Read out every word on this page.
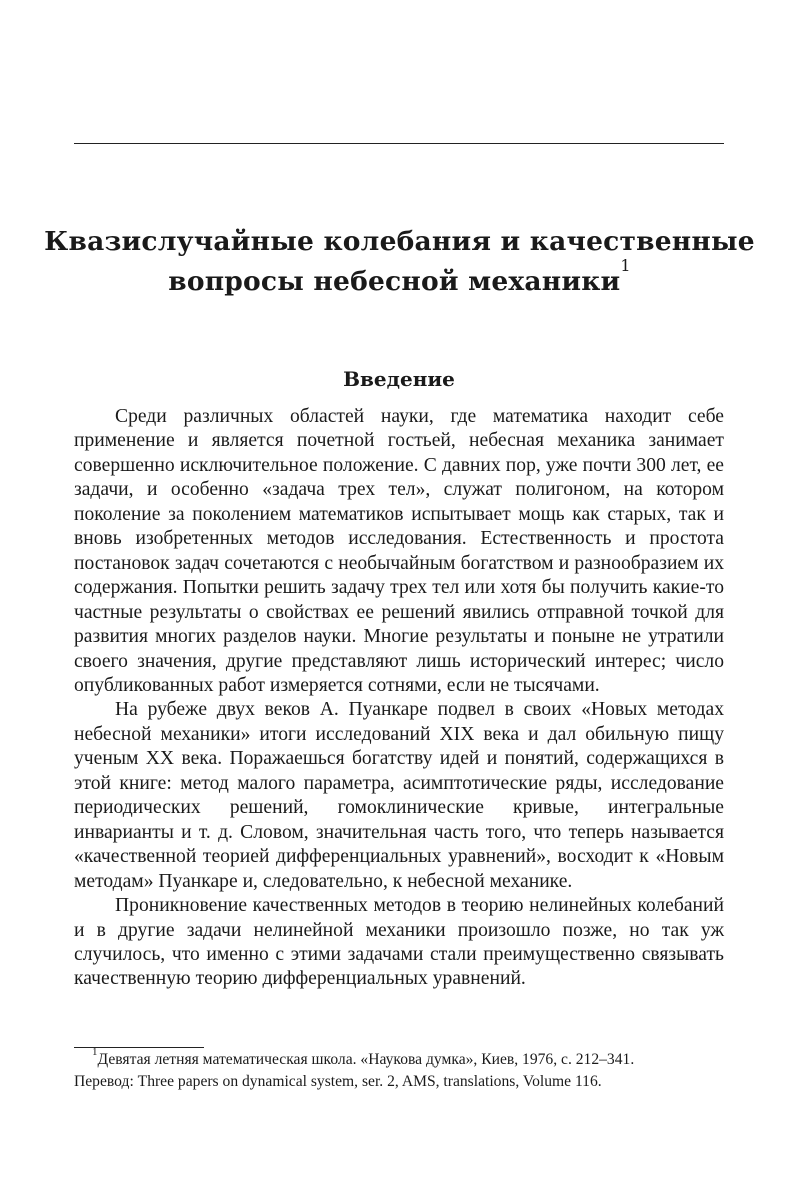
Квазислучайные колебания и качественные
вопросы небесной механики$^1$
Введение

Среди различных областей науки, где математика находит себе применение и является почетной гостьей, небесная механика занимает совершенно исключительное положение. С давних пор, уже почти 300 лет, ее задачи, и особенно «задача трех тел», служат полигоном, на котором поколение за поколением математиков испытывает мощь как старых, так и вновь изобретенных методов исследования. Естественность и простота постановок задач сочетаются с необычайным богатством и разнообразием их содержания. Попытки решить задачу трех тел или хотя бы получить какие-то частные результаты о свойствах ее решений явились отправной точкой для развития многих разделов науки. Многие результаты и поныне не утратили своего значения, другие представляют лишь исторический интерес; число опубликованных работ измеряется сотнями, если не тысячами.

На рубеже двух веков А. Пуанкаре подвел в своих «Новых методах небесной механики» итоги исследований XIX века и дал обильную пищу ученым XX века. Поражаешься богатству идей и понятий, содержащихся в этой книге: метод малого параметра, асимптотические ряды, исследование периодических решений, гомоклинические кривые, интегральные инварианты и т. д. Словом, значительная часть того, что теперь называется «качественной теорией дифференциальных уравнений», восходит к «Новым методам» Пуанкаре и, следовательно, к небесной механике.

Проникновение качественных методов в теорию нелинейных колебаний и в другие задачи нелинейной механики произошло позже, но так уж случилось, что именно с этими задачами стали преимущественно связывать качественную теорию дифференциальных уравнений.

$^1$Девятая летняя математическая школа. «Наукова думка», Киев, 1976, с. 212–341.

Перевод: Three papers on dynamical system, ser. 2, AMS, translations, Volume 116.
